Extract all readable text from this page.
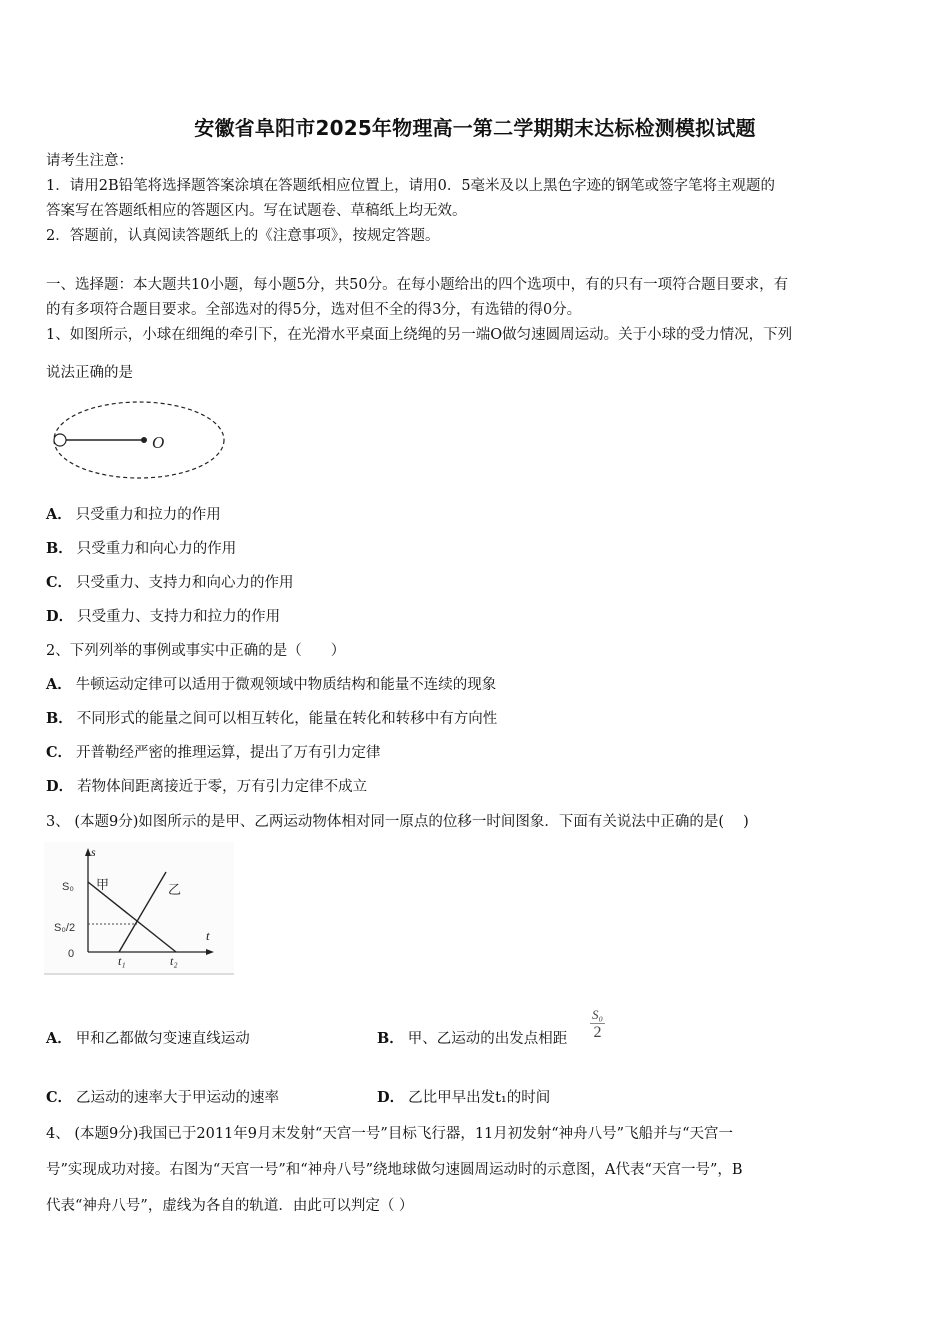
安徽省阜阳市2025年物理高一第二学期期末达标检测模拟试题
请考生注意：
1．请用2B铅笔将选择题答案涂填在答题纸相应位置上，请用0．5毫米及以上黑色字迹的钢笔或签字笔将主观题的
答案写在答题纸相应的答题区内。写在试题卷、草稿纸上均无效。
2．答题前，认真阅读答题纸上的《注意事项》，按规定答题。
一、选择题：本大题共10小题，每小题5分，共50分。在每小题给出的四个选项中，有的只有一项符合题目要求，有
的有多项符合题目要求。全部选对的得5分，选对但不全的得3分，有选错的得0分。
1、如图所示，小球在细绳的牵引下，在光滑水平桌面上绕绳的另一端O做匀速圆周运动。关于小球的受力情况，下列
说法正确的是
O
A． 只受重力和拉力的作用
B． 只受重力和向心力的作用
C． 只受重力、支持力和向心力的作用
D． 只受重力、支持力和拉力的作用
2、下列列举的事例或事实中正确的是（　　）
A． 牛顿运动定律可以适用于微观领域中物质结构和能量不连续的现象
B． 不同形式的能量之间可以相互转化，能量在转化和转移中有方向性
C． 开普勒经严密的推理运算，提出了万有引力定律
D． 若物体间距离接近于零，万有引力定律不成立
3、 (本题9分)如图所示的是甲、乙两运动物体相对同一原点的位移一时间图象．下面有关说法中正确的是(　 )
s
t
S₀
S₀/2
0	t₁	t₂
甲	乙
A． 甲和乙都做匀变速直线运动	B． 甲、乙运动的出发点相距
S₀
2
C． 乙运动的速率大于甲运动的速率	D． 乙比甲早出发t₁的时间
4、 (本题9分)我国已于2011年9月末发射“天宫一号”目标飞行器，11月初发射“神舟八号”飞船并与“天宫一
号”实现成功对接。右图为“天宫一号”和“神舟八号”绕地球做匀速圆周运动时的示意图，A代表“天宫一号”，B
代表“神舟八号”，虚线为各自的轨道．由此可以判定（ ）
